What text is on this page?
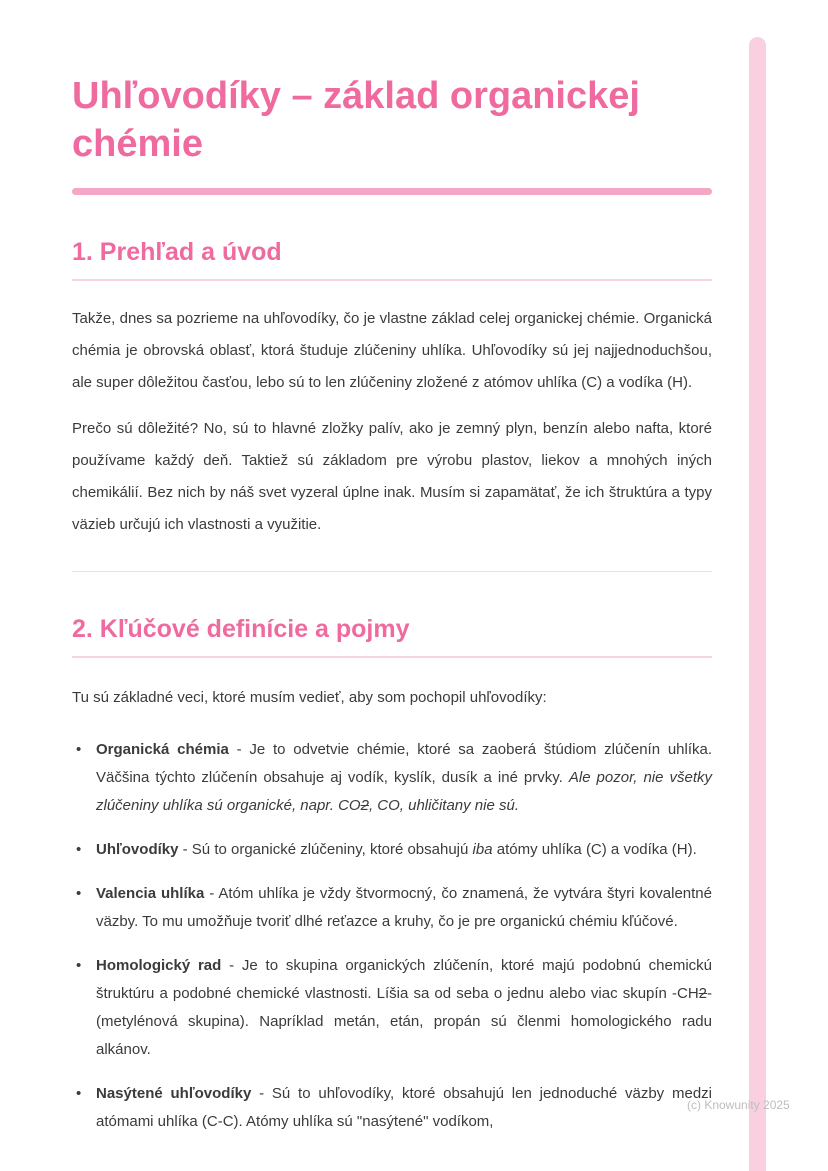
(c) Knowunity 2025
Uhľovodíky – základ organickej chémie
1. Prehľad a úvod

Takže, dnes sa pozrieme na uhľovodíky, čo je vlastne základ celej organickej chémie. Organická chémia je obrovská oblasť, ktorá študuje zlúčeniny uhlíka. Uhľovodíky sú jej najjednoduchšou, ale super dôležitou časťou, lebo sú to len zlúčeniny zložené z atómov uhlíka (C) a vodíka (H).

Prečo sú dôležité? No, sú to hlavné zložky palív, ako je zemný plyn, benzín alebo nafta, ktoré používame každý deň. Taktiež sú základom pre výrobu plastov, liekov a mnohých iných chemikálií. Bez nich by náš svet vyzeral úplne inak. Musím si zapamätať, že ich štruktúra a typy väzieb určujú ich vlastnosti a využitie.

2. Kľúčové definície a pojmy

Tu sú základné veci, ktoré musím vedieť, aby som pochopil uhľovodíky:

• Organická chémia - Je to odvetvie chémie, ktoré sa zaoberá štúdiom zlúčenín uhlíka. Väčšina týchto zlúčenín obsahuje aj vodík, kyslík, dusík a iné prvky. Ale pozor, nie všetky zlúčeniny uhlíka sú organické, napr. CO2, CO, uhličitany nie sú.
• Uhľovodíky - Sú to organické zlúčeniny, ktoré obsahujú iba atómy uhlíka (C) a vodíka (H).
• Valencia uhlíka - Atóm uhlíka je vždy štvormocný, čo znamená, že vytvára štyri kovalentné väzby. To mu umožňuje tvoriť dlhé reťazce a kruhy, čo je pre organickú chémiu kľúčové.
• Homologický rad - Je to skupina organických zlúčenín, ktoré majú podobnú chemickú štruktúru a podobné chemické vlastnosti. Líšia sa od seba o jednu alebo viac skupín -CH2- (metylénová skupina). Napríklad metán, etán, propán sú členmi homologického radu alkánov.
• Nasýtené uhľovodíky - Sú to uhľovodíky, ktoré obsahujú len jednoduché väzby medzi atómami uhlíka (C-C). Atómy uhlíka sú "nasýtené" vodíkom,
